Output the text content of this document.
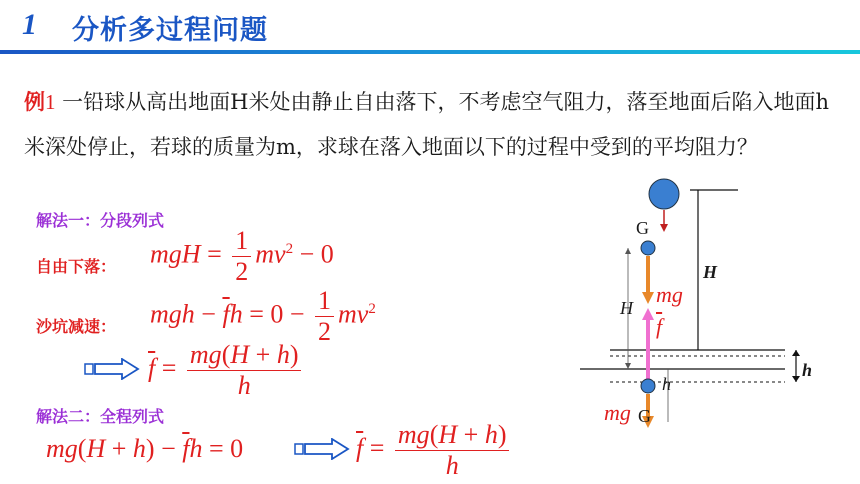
1 分析多过程问题
例1 一铅球从高出地面H米处由静止自由落下，不考虑空气阻力，落至地面后陷入地面h米深处停止，若球的质量为m，求球在落入地面以下的过程中受到的平均阻力？
解法一：分段列式
自由下落： mgH = $\frac{1}{2} mv^2 - 0$
沙坑减速： mgh − $\overline{f}h = 0 - \frac{1}{2} mv^2$
$\overline{f} = \frac{mg(H + h)}{h}$
解法二：全程列式
$mg(H + h) - \overline{f}h = 0$	$\overline{f} = \frac{mg(H + h)}{h}$
G
H
H
h
h
mg
$\overline{f}$
mg G
